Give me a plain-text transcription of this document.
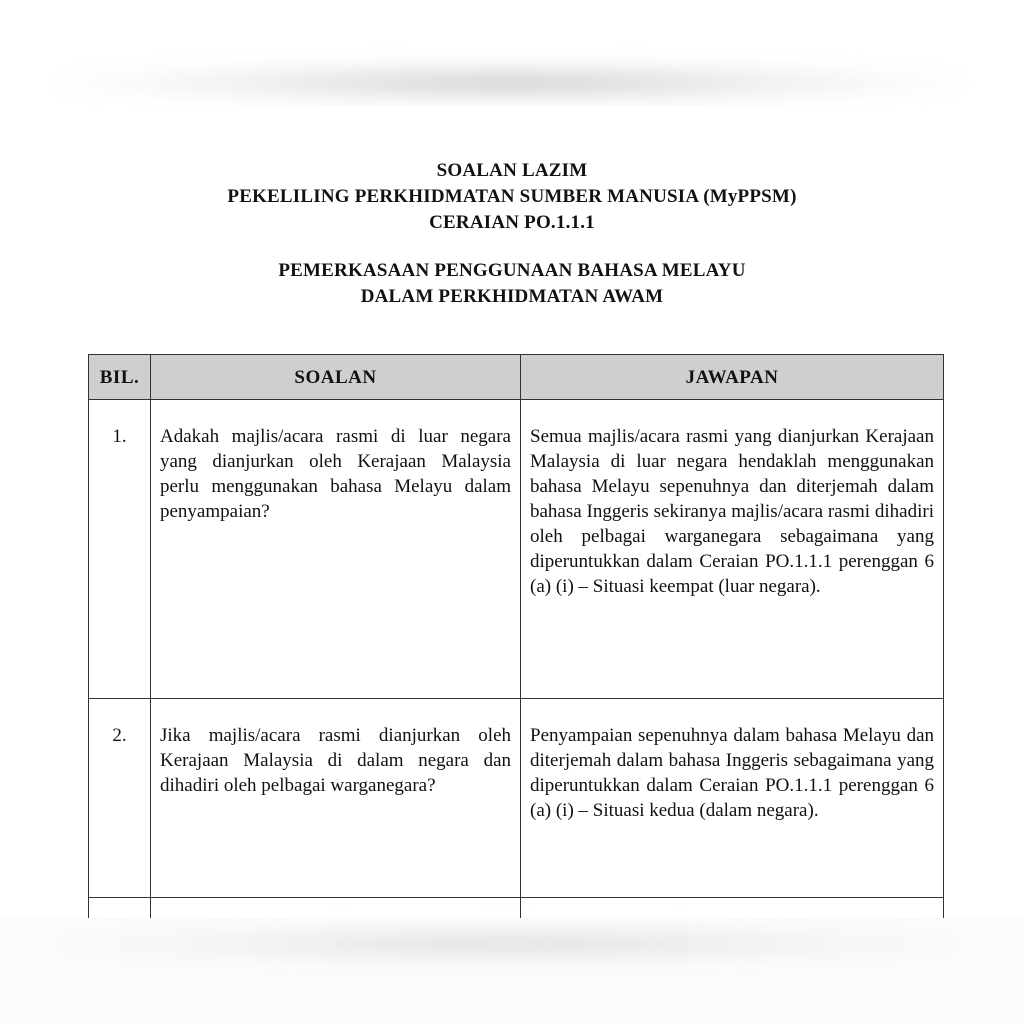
SOALAN LAZIM
PEKELILING PERKHIDMATAN SUMBER MANUSIA (MyPPSM)
CERAIAN PO.1.1.1
PEMERKASAAN PENGGUNAAN BAHASA MELAYU
DALAM PERKHIDMATAN AWAM
BIL.	SOALAN	JAWAPAN
1.	Adakah majlis/acara rasmi di luar negara yang dianjurkan oleh Kerajaan Malaysia perlu menggunakan bahasa Melayu dalam penyampaian?	Semua majlis/acara rasmi yang dianjurkan Kerajaan Malaysia di luar negara hendaklah menggunakan bahasa Melayu sepenuhnya dan diterjemah dalam bahasa Inggeris sekiranya majlis/acara rasmi dihadiri oleh pelbagai warganegara sebagaimana yang diperuntukkan dalam Ceraian PO.1.1.1 perenggan 6 (a) (i) – Situasi keempat (luar negara).
2.	Jika majlis/acara rasmi dianjurkan oleh Kerajaan Malaysia di dalam negara dan dihadiri oleh pelbagai warganegara?	Penyampaian sepenuhnya dalam bahasa Melayu dan diterjemah dalam bahasa Inggeris sebagaimana yang diperuntukkan dalam Ceraian PO.1.1.1 perenggan 6 (a) (i) – Situasi kedua (dalam negara).
